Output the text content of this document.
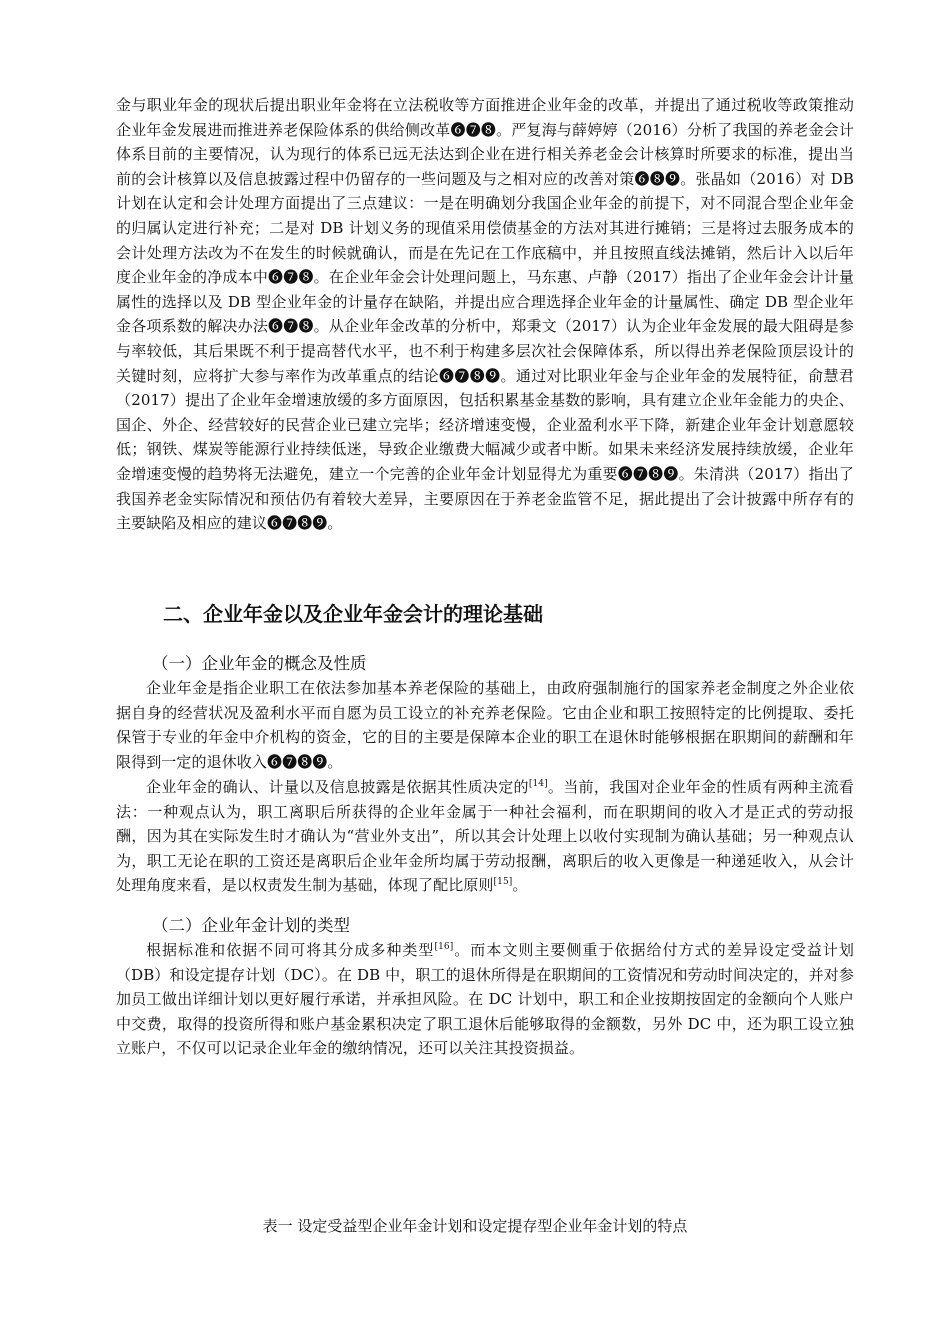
金与职业年金的现状后提出职业年金将在立法税收等方面推进企业年金的改革，并提出了通过税收等政策推动企业年金发展进而推进养老保险体系的供给侧改革❻❼❽。严复海与薛婷婷（2016）分析了我国的养老金会计体系目前的主要情况，认为现行的体系已远无法达到企业在进行相关养老金会计核算时所要求的标准，提出当前的会计核算以及信息披露过程中仍留存的一些问题及与之相对应的改善对策❻❽❾。张晶如（2016）对 DB 计划在认定和会计处理方面提出了三点建议：一是在明确划分我国企业年金的前提下，对不同混合型企业年金的归属认定进行补充；二是对 DB 计划义务的现值采用偿债基金的方法对其进行摊销；三是将过去服务成本的会计处理方法改为不在发生的时候就确认，而是在先记在工作底稿中，并且按照直线法摊销，然后计入以后年度企业年金的净成本中❻❼❽。在企业年金会计处理问题上，马东惠、卢静（2017）指出了企业年金会计计量属性的选择以及 DB 型企业年金的计量存在缺陷，并提出应合理选择企业年金的计量属性、确定 DB 型企业年金各项系数的解决办法❻❼❽。从企业年金改革的分析中，郑秉文（2017）认为企业年金发展的最大阻碍是参与率较低，其后果既不利于提高替代水平，也不利于构建多层次社会保障体系，所以得出养老保险顶层设计的关键时刻，应将扩大参与率作为改革重点的结论❻❼❽❾。通过对比职业年金与企业年金的发展特征，俞慧君（2017）提出了企业年金增速放缓的多方面原因，包括积累基金基数的影响，具有建立企业年金能力的央企、国企、外企、经营较好的民营企业已建立完毕；经济增速变慢，企业盈利水平下降，新建企业年金计划意愿较低；钢铁、煤炭等能源行业持续低迷，导致企业缴费大幅减少或者中断。如果未来经济发展持续放缓，企业年金增速变慢的趋势将无法避免，建立一个完善的企业年金计划显得尤为重要❻❼❽❾。朱清洪（2017）指出了我国养老金实际情况和预估仍有着较大差异，主要原因在于养老金监管不足，据此提出了会计披露中所存有的主要缺陷及相应的建议❻❼❽❾。

二、企业年金以及企业年金会计的理论基础
（一）企业年金的概念及性质

企业年金是指企业职工在依法参加基本养老保险的基础上，由政府强制施行的国家养老金制度之外企业依据自身的经营状况及盈利水平而自愿为员工设立的补充养老保险。它由企业和职工按照特定的比例提取、委托保管于专业的年金中介机构的资金，它的目的主要是保障本企业的职工在退休时能够根据在职期间的薪酬和年限得到一定的退休收入❻❼❽❾。

企业年金的确认、计量以及信息披露是依据其性质决定的[14]。当前，我国对企业年金的性质有两种主流看法：一种观点认为，职工离职后所获得的企业年金属于一种社会福利，而在职期间的收入才是正式的劳动报酬，因为其在实际发生时才确认为“营业外支出”，所以其会计处理上以收付实现制为确认基础；另一种观点认为，职工无论在职的工资还是离职后企业年金所均属于劳动报酬，离职后的收入更像是一种递延收入，从会计处理角度来看，是以权责发生制为基础，体现了配比原则[15]。

（二）企业年金计划的类型

根据标准和依据不同可将其分成多种类型[16]。而本文则主要侧重于依据给付方式的差异设定受益计划（DB）和设定提存计划（DC）。在 DB 中，职工的退休所得是在职期间的工资情况和劳动时间决定的，并对参加员工做出详细计划以更好履行承诺，并承担风险。在 DC 计划中，职工和企业按期按固定的金额向个人账户中交费，取得的投资所得和账户基金累积决定了职工退休后能够取得的金额数，另外 DC 中，还为职工设立独立账户，不仅可以记录企业年金的缴纳情况，还可以关注其投资损益。

表一 设定受益型企业年金计划和设定提存型企业年金计划的特点
